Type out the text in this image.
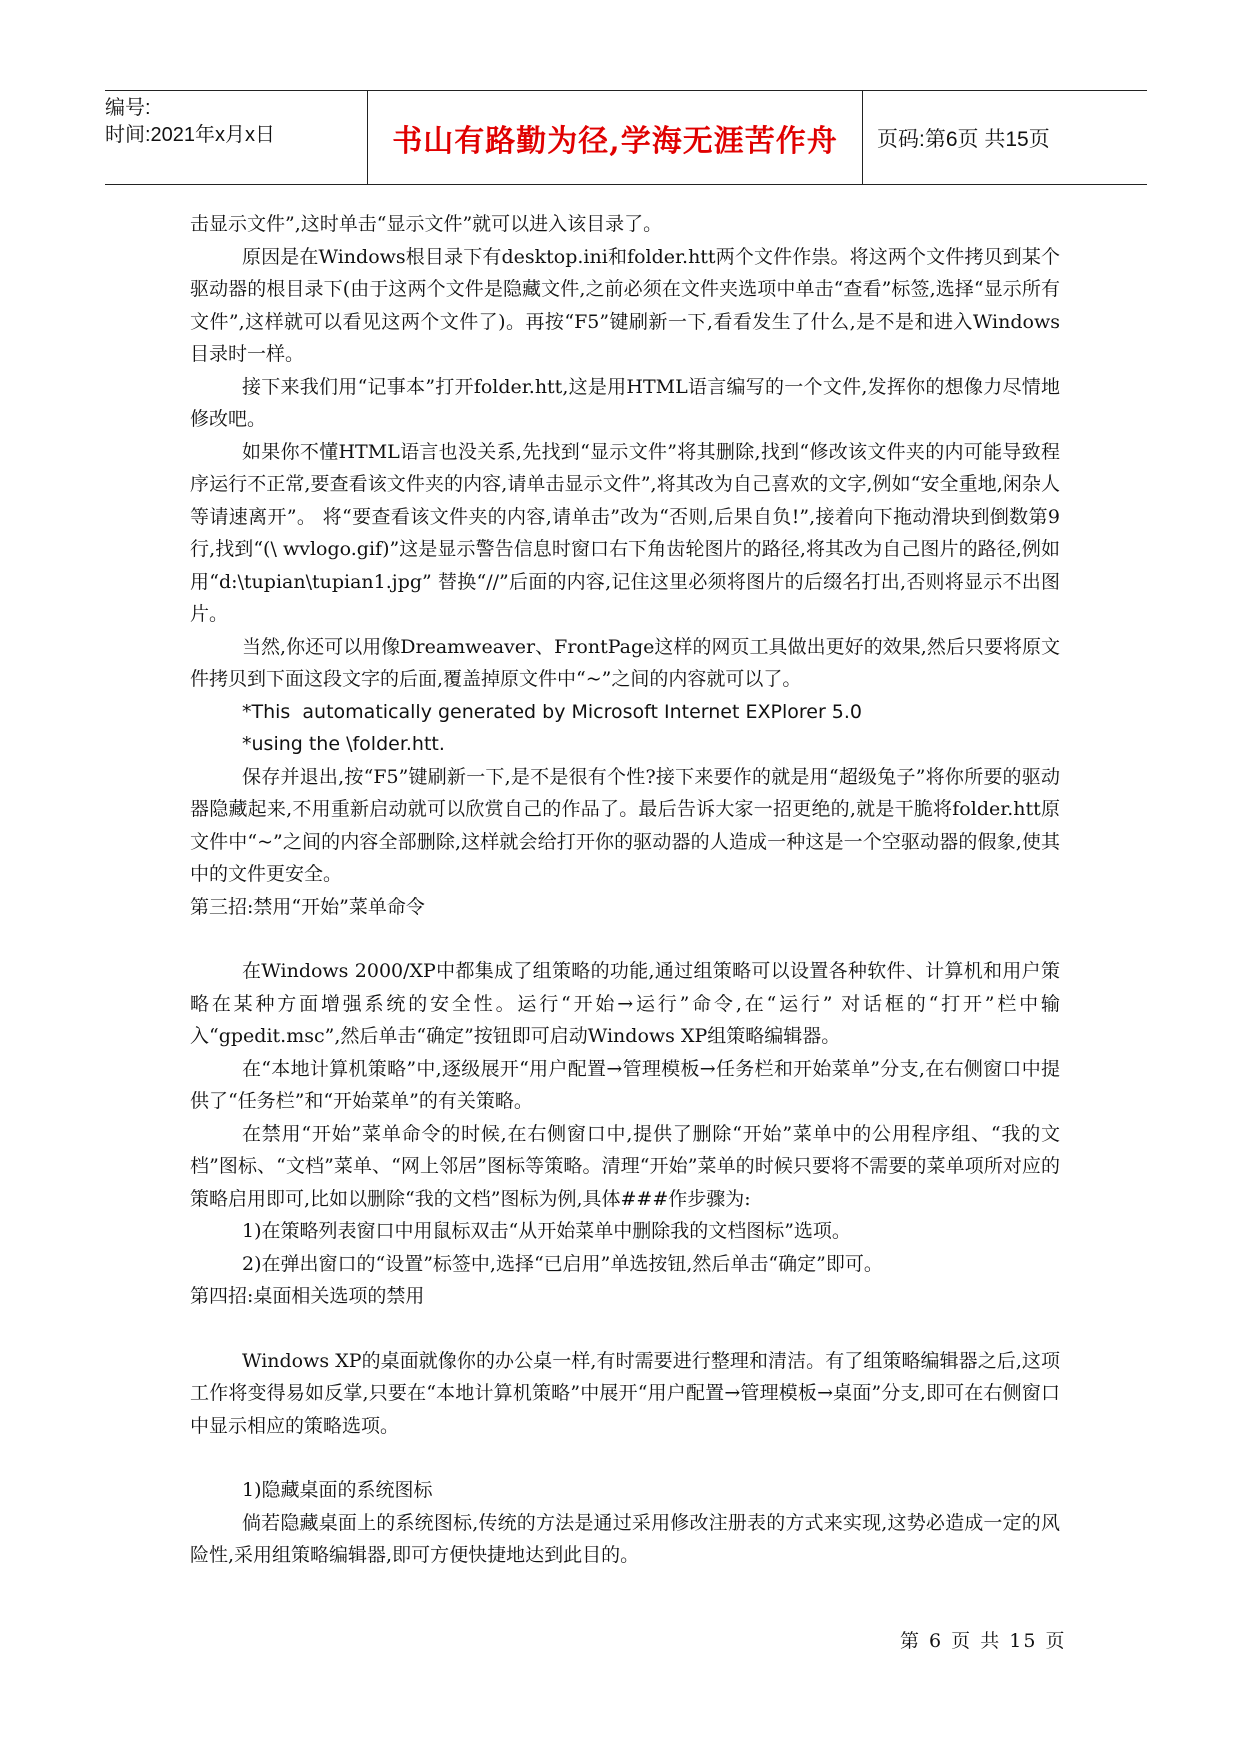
编号:
时间:2021年x月x日	书山有路勤为径,学海无涯苦作舟	页码:第6页 共15页

击显示文件”,这时单击“显示文件”就可以进入该目录了。

原因是在Windows根目录下有desktop.ini和folder.htt两个文件作祟。将这两个文件拷贝到某个驱动器的根目录下(由于这两个文件是隐藏文件,之前必须在文件夹选项中单击“查看”标签,选择“显示所有文件”,这样就可以看见这两个文件了)。再按“F5”键刷新一下,看看发生了什么,是不是和进入Windows目录时一样。

接下来我们用“记事本”打开folder.htt,这是用HTML语言编写的一个文件,发挥你的想像力尽情地修改吧。

如果你不懂HTML语言也没关系,先找到“显示文件”将其删除,找到“修改该文件夹的内可能导致程序运行不正常,要查看该文件夹的内容,请单击显示文件”,将其改为自己喜欢的文字,例如“安全重地,闲杂人等请速离开”。 将“要查看该文件夹的内容,请单击”改为“否则,后果自负!”,接着向下拖动滑块到倒数第9行,找到“(\ wvlogo.gif)”这是显示警告信息时窗口右下角齿轮图片的路径,将其改为自己图片的路径,例如用“d:\tupian\tupian1.jpg” 替换“//”后面的内容,记住这里必须将图片的后缀名打出,否则将显示不出图片。

当然,你还可以用像Dreamweaver、FrontPage这样的网页工具做出更好的效果,然后只要将原文件拷贝到下面这段文字的后面,覆盖掉原文件中“~”之间的内容就可以了。

*This  automatically generated by Microsoft Internet EXPlorer 5.0

*using the \folder.htt.

保存并退出,按“F5”键刷新一下,是不是很有个性?接下来要作的就是用“超级兔子”将你所要的驱动器隐藏起来,不用重新启动就可以欣赏自己的作品了。最后告诉大家一招更绝的,就是干脆将folder.htt原文件中“~”之间的内容全部删除,这样就会给打开你的驱动器的人造成一种这是一个空驱动器的假象,使其中的文件更安全。

第三招:禁用“开始”菜单命令

在Windows 2000/XP中都集成了组策略的功能,通过组策略可以设置各种软件、计算机和用户策略在某种方面增强系统的安全性。运行“开始→运行”命令,在“运行” 对话框的“打开”栏中输入“gpedit.msc”,然后单击“确定”按钮即可启动Windows XP组策略编辑器。

在“本地计算机策略”中,逐级展开“用户配置→管理模板→任务栏和开始菜单”分支,在右侧窗口中提供了“任务栏”和“开始菜单”的有关策略。

在禁用“开始”菜单命令的时候,在右侧窗口中,提供了删除“开始”菜单中的公用程序组、“我的文档”图标、“文档”菜单、“网上邻居”图标等策略。清理“开始”菜单的时候只要将不需要的菜单项所对应的策略启用即可,比如以删除“我的文档”图标为例,具体###作步骤为:

1)在策略列表窗口中用鼠标双击“从开始菜单中删除我的文档图标”选项。

2)在弹出窗口的“设置”标签中,选择“已启用”单选按钮,然后单击“确定”即可。

第四招:桌面相关选项的禁用

Windows XP的桌面就像你的办公桌一样,有时需要进行整理和清洁。有了组策略编辑器之后,这项工作将变得易如反掌,只要在“本地计算机策略”中展开“用户配置→管理模板→桌面”分支,即可在右侧窗口中显示相应的策略选项。

1)隐藏桌面的系统图标

倘若隐藏桌面上的系统图标,传统的方法是通过采用修改注册表的方式来实现,这势必造成一定的风险性,采用组策略编辑器,即可方便快捷地达到此目的。

第 6 页 共 15 页
